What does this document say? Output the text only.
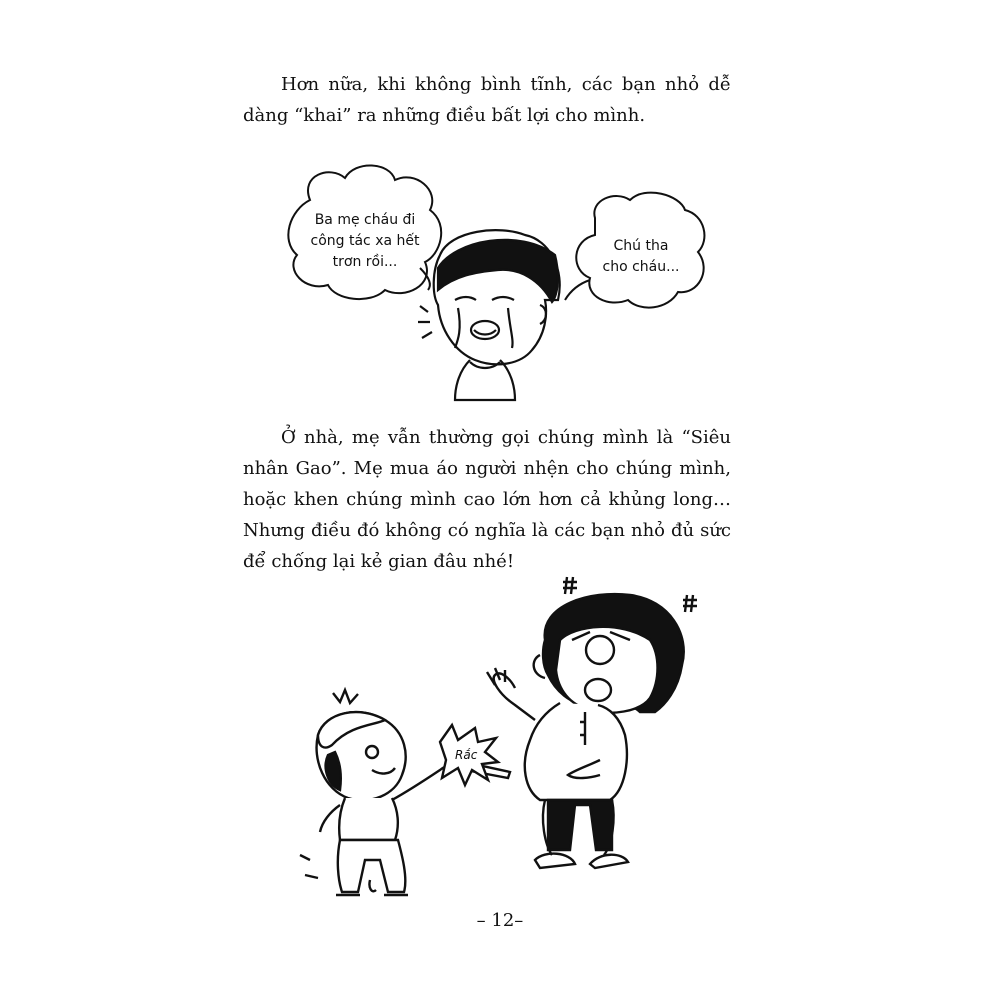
Hơn nữa, khi không bình tĩnh, các bạn nhỏ dễ dàng “khai” ra những điều bất lợi cho mình.

Rắc
Ba mẹ cháu đi
công tác xa hết
trơn rồi...
Chú tha
cho cháu...

Ở nhà, mẹ vẫn thường gọi chúng mình là “Siêu nhân Gao”. Mẹ mua áo người nhện cho chúng mình, hoặc khen chúng mình cao lớn hơn cả khủng long… Nhưng điều đó không có nghĩa là các bạn nhỏ đủ sức để chống lại kẻ gian đâu nhé!

– 12–
